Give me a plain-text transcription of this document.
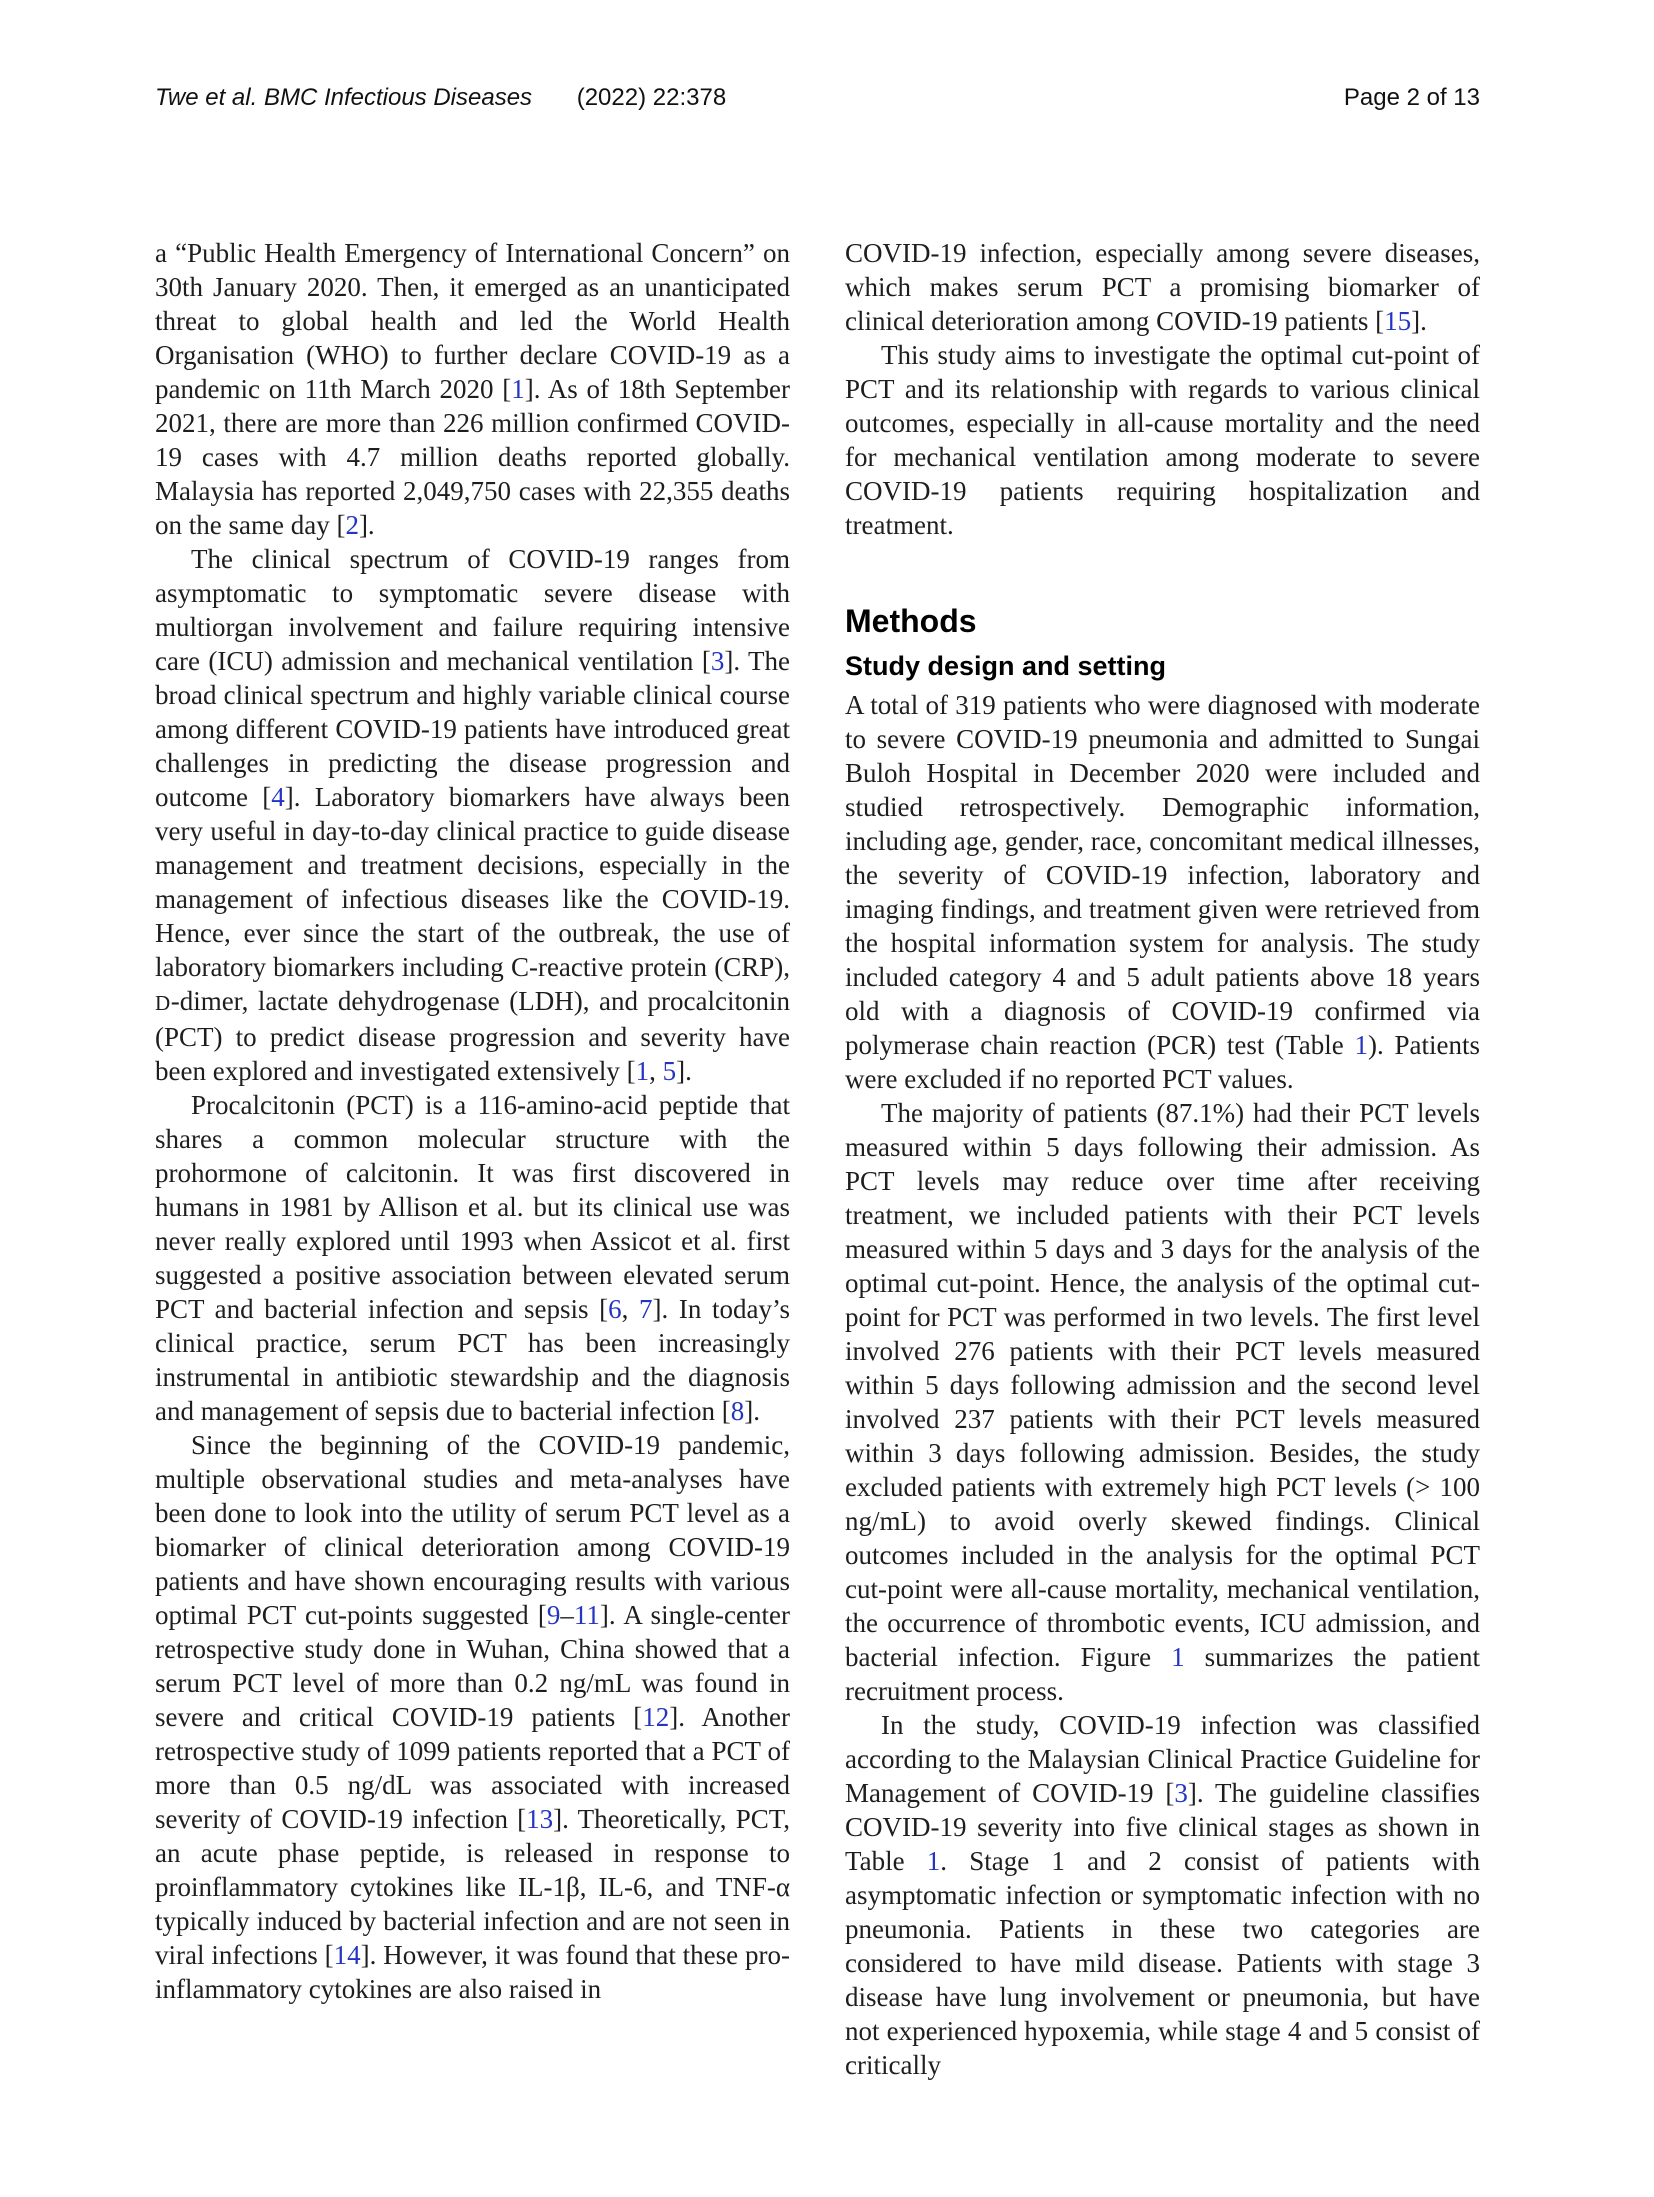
Twe et al. BMC Infectious Diseases (2022) 22:378	Page 2 of 13

a “Public Health Emergency of International Concern” on 30th January 2020. Then, it emerged as an unanticipated threat to global health and led the World Health Organisation (WHO) to further declare COVID-19 as a pandemic on 11th March 2020 [1]. As of 18th September 2021, there are more than 226 million confirmed COVID-19 cases with 4.7 million deaths reported globally. Malaysia has reported 2,049,750 cases with 22,355 deaths on the same day [2].

The clinical spectrum of COVID-19 ranges from asymptomatic to symptomatic severe disease with multiorgan involvement and failure requiring intensive care (ICU) admission and mechanical ventilation [3]. The broad clinical spectrum and highly variable clinical course among different COVID-19 patients have introduced great challenges in predicting the disease progression and outcome [4]. Laboratory biomarkers have always been very useful in day-to-day clinical practice to guide disease management and treatment decisions, especially in the management of infectious diseases like the COVID-19. Hence, ever since the start of the outbreak, the use of laboratory biomarkers including C-reactive protein (CRP), D-dimer, lactate dehydrogenase (LDH), and procalcitonin (PCT) to predict disease progression and severity have been explored and investigated extensively [1, 5].

Procalcitonin (PCT) is a 116-amino-acid peptide that shares a common molecular structure with the prohormone of calcitonin. It was first discovered in humans in 1981 by Allison et al. but its clinical use was never really explored until 1993 when Assicot et al. first suggested a positive association between elevated serum PCT and bacterial infection and sepsis [6, 7]. In today’s clinical practice, serum PCT has been increasingly instrumental in antibiotic stewardship and the diagnosis and management of sepsis due to bacterial infection [8].

Since the beginning of the COVID-19 pandemic, multiple observational studies and meta-analyses have been done to look into the utility of serum PCT level as a biomarker of clinical deterioration among COVID-19 patients and have shown encouraging results with various optimal PCT cut-points suggested [9–11]. A single-center retrospective study done in Wuhan, China showed that a serum PCT level of more than 0.2 ng/mL was found in severe and critical COVID-19 patients [12]. Another retrospective study of 1099 patients reported that a PCT of more than 0.5 ng/dL was associated with increased severity of COVID-19 infection [13]. Theoretically, PCT, an acute phase peptide, is released in response to proinflammatory cytokines like IL-1β, IL-6, and TNF-α typically induced by bacterial infection and are not seen in viral infections [14]. However, it was found that these pro-inflammatory cytokines are also raised in

COVID-19 infection, especially among severe diseases, which makes serum PCT a promising biomarker of clinical deterioration among COVID-19 patients [15].

This study aims to investigate the optimal cut-point of PCT and its relationship with regards to various clinical outcomes, especially in all-cause mortality and the need for mechanical ventilation among moderate to severe COVID-19 patients requiring hospitalization and treatment.

Methods
Study design and setting

A total of 319 patients who were diagnosed with moderate to severe COVID-19 pneumonia and admitted to Sungai Buloh Hospital in December 2020 were included and studied retrospectively. Demographic information, including age, gender, race, concomitant medical illnesses, the severity of COVID-19 infection, laboratory and imaging findings, and treatment given were retrieved from the hospital information system for analysis. The study included category 4 and 5 adult patients above 18 years old with a diagnosis of COVID-19 confirmed via polymerase chain reaction (PCR) test (Table 1). Patients were excluded if no reported PCT values.

The majority of patients (87.1%) had their PCT levels measured within 5 days following their admission. As PCT levels may reduce over time after receiving treatment, we included patients with their PCT levels measured within 5 days and 3 days for the analysis of the optimal cut-point. Hence, the analysis of the optimal cut-point for PCT was performed in two levels. The first level involved 276 patients with their PCT levels measured within 5 days following admission and the second level involved 237 patients with their PCT levels measured within 3 days following admission. Besides, the study excluded patients with extremely high PCT levels (> 100 ng/mL) to avoid overly skewed findings. Clinical outcomes included in the analysis for the optimal PCT cut-point were all-cause mortality, mechanical ventilation, the occurrence of thrombotic events, ICU admission, and bacterial infection. Figure 1 summarizes the patient recruitment process.

In the study, COVID-19 infection was classified according to the Malaysian Clinical Practice Guideline for Management of COVID-19 [3]. The guideline classifies COVID-19 severity into five clinical stages as shown in Table 1. Stage 1 and 2 consist of patients with asymptomatic infection or symptomatic infection with no pneumonia. Patients in these two categories are considered to have mild disease. Patients with stage 3 disease have lung involvement or pneumonia, but have not experienced hypoxemia, while stage 4 and 5 consist of critically
